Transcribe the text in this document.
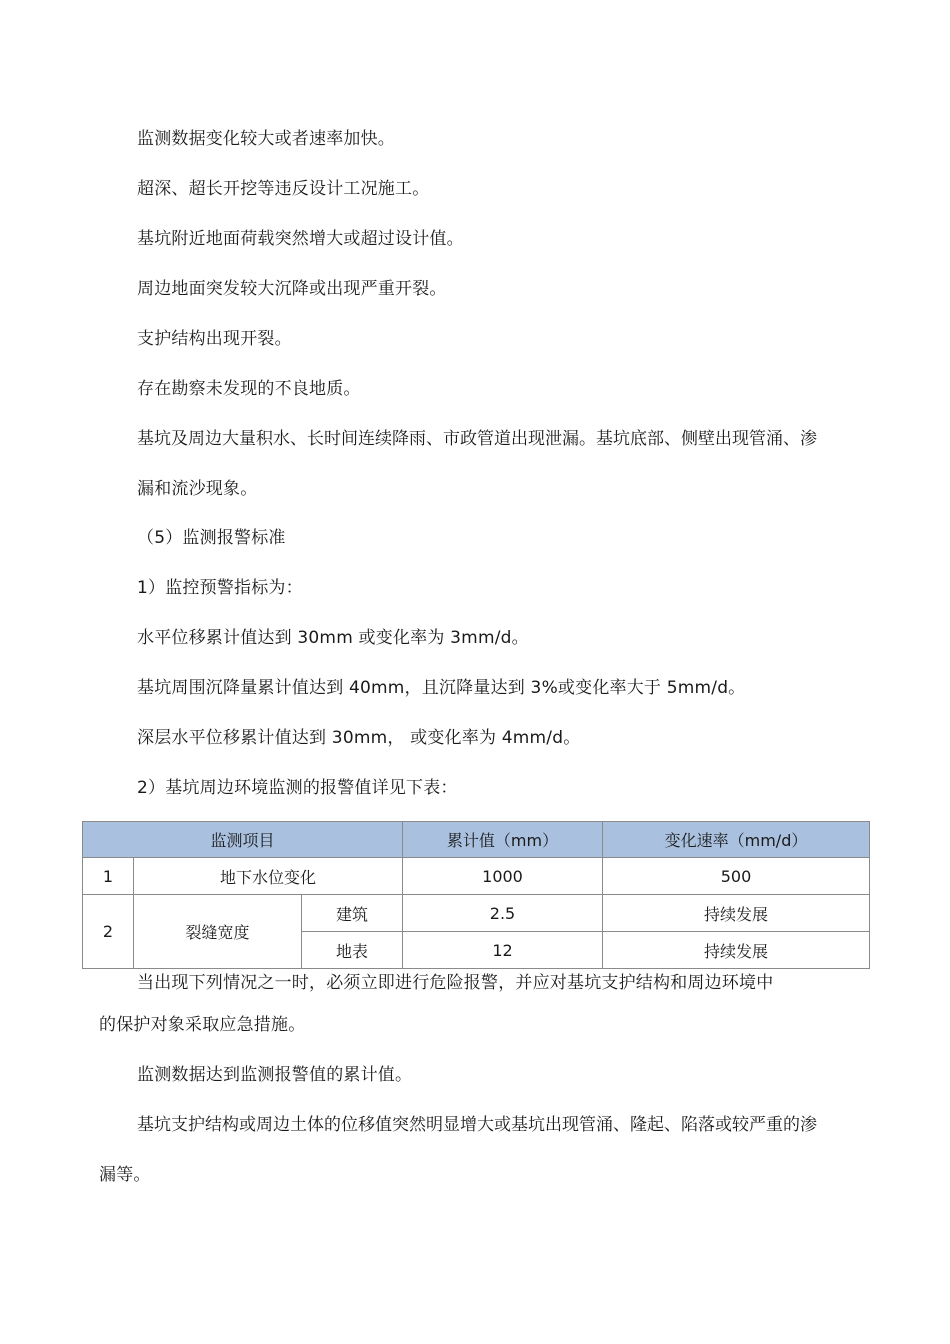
监测数据变化较大或者速率加快。

超深、超长开挖等违反设计工况施工。

基坑附近地面荷载突然增大或超过设计值。

周边地面突发较大沉降或出现严重开裂。

支护结构出现开裂。

存在勘察未发现的不良地质。

基坑及周边大量积水、长时间连续降雨、市政管道出现泄漏。基坑底部、侧壁出现管涌、渗

漏和流沙现象。

（5）监测报警标准

1）监控预警指标为：

水平位移累计值达到 30mm 或变化率为 3mm/d。

基坑周围沉降量累计值达到 40mm，且沉降量达到 3%或变化率大于 5mm/d。

深层水平位移累计值达到 30mm， 或变化率为 4mm/d。

2）基坑周边环境监测的报警值详见下表：

监测项目			累计值（mm）	变化速率（mm/d）
1	地下水位变化		1000	500
2	裂缝宽度	建筑	2.5	持续发展
		地表	12	持续发展

当出现下列情况之一时，必须立即进行危险报警，并应对基坑支护结构和周边环境中

的保护对象采取应急措施。

监测数据达到监测报警值的累计值。

基坑支护结构或周边土体的位移值突然明显增大或基坑出现管涌、隆起、陷落或较严重的渗

漏等。
